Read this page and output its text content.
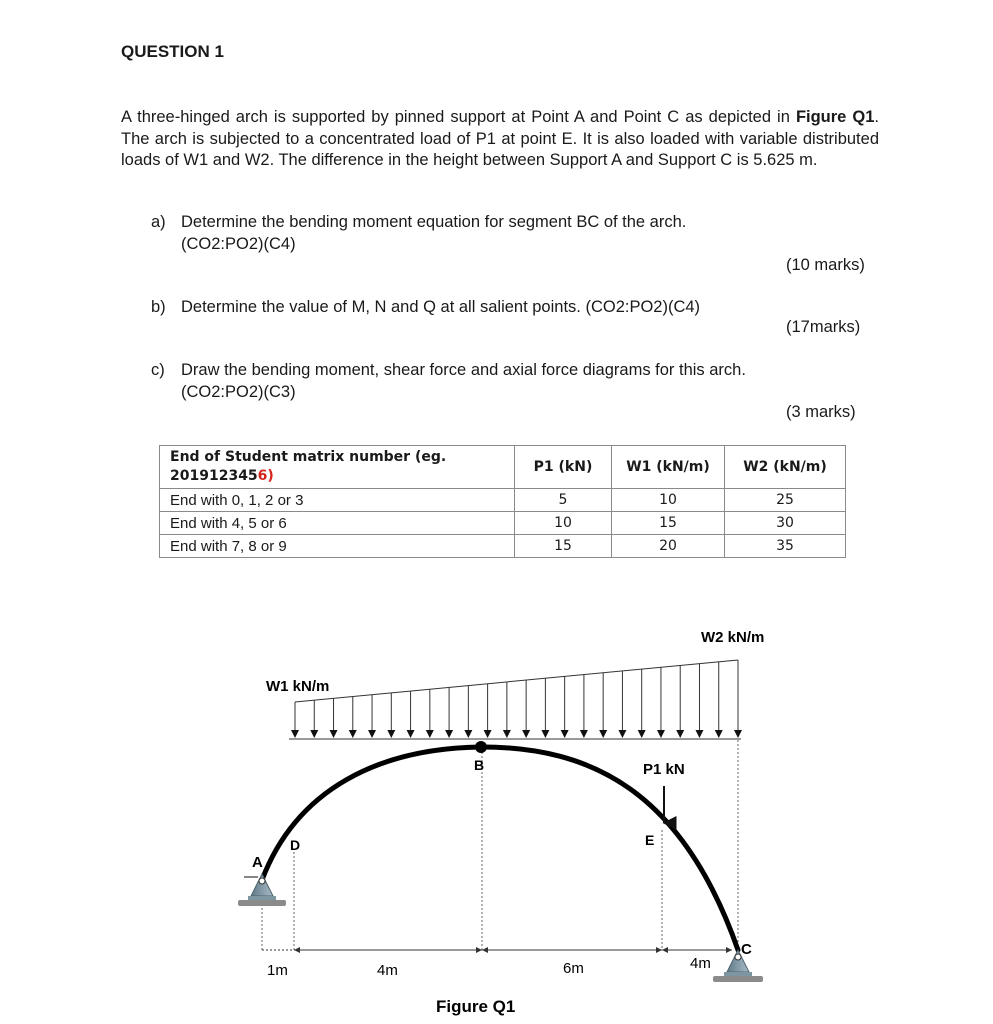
QUESTION 1
A three-hinged arch is supported by pinned support at Point A and Point C as depicted in Figure Q1. The arch is subjected to a concentrated load of P1 at point E. It is also loaded with variable distributed loads of W1 and W2. The difference in the height between Support A and Support C is 5.625 m.
a) Determine the bending moment equation for segment BC of the arch.
(CO2:PO2)(C4)
(10 marks)
b) Determine the value of M, N and Q at all salient points. (CO2:PO2)(C4)
(17marks)
c) Draw the bending moment, shear force and axial force diagrams for this arch.
(CO2:PO2)(C3)
(3 marks)
End of Student matrix number (eg.
2019123456)	P1 (kN)	W1 (kN/m)	W2 (kN/m)
End with 0, 1, 2 or 3	5	10	25
End with 4, 5 or 6	10	15	30
End with 7, 8 or 9	15	20	35
W1 kN/m
W2 kN/m
P1 kN
A
B
C
D	E
1m	4m	6m	4m
Figure Q1
